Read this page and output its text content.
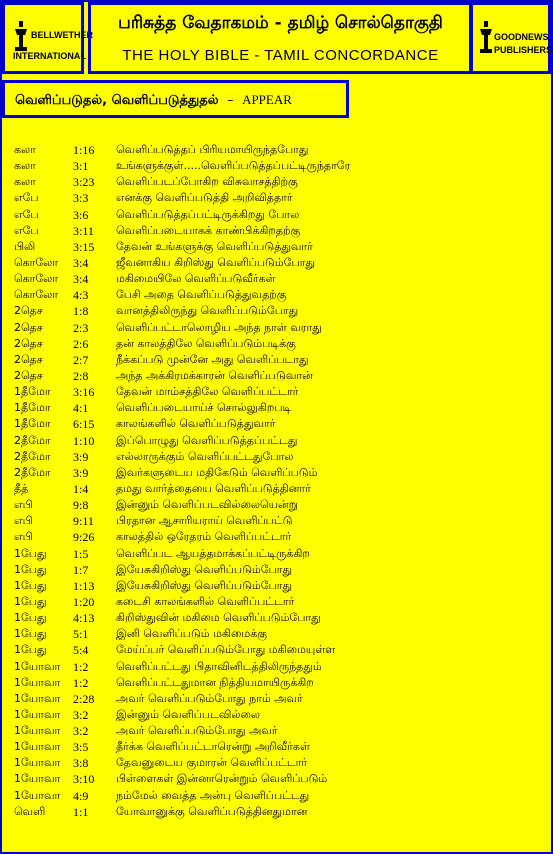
BELLWETHER
INTERNATIONAL
பரிசுத்த வேதாகமம் - தமிழ் சொல்தொகுதி
THE HOLY BIBLE - TAMIL CONCORDANCE
GOODNEWS
PUBLISHERS
வெளிப்படுதல், வெளிப்படுத்துதல் – APPEAR
கலா	1:16 வெளிப்படுத்தப் பிரியமாயிருந்தபோது
கலா	3:1	உங்களுக்குள்.....வெளிப்படுத்தப்பட்டிருந்தாரே
கலா	3:23 வெளிப்படப்போகிற விசுவாசத்திற்கு
எபே	3:3	எனக்கு வெளிப்படுத்தி அறிவித்தார்
எபே	3:6	வெளிப்படுத்தப்பட்டிருக்கிறது போல
எபே	3:11 வெளிப்படையாகக் காண்பிக்கிறதற்கு
பிலி	3:15 தேவன் உங்களுக்கு வெளிப்படுத்துவார்
கொலோ 3:4	ஜீவனாகிய கிறிஸ்து வெளிப்படும்போது
கொலோ 3:4	மகிமையிலே வெளிப்படுவீர்கள்
கொலோ 4:3	பேசி அதை வெளிப்படுத்துவதற்கு
2தெச	1:8	வானத்திலிருந்து வெளிப்படும்போது
2தெச	2:3	வெளிப்பட்டாலொழிய அந்த நாள் வராது
2தெச	2:6	தன் காலத்திலே வெளிப்படும்படிக்கு
2தெச	2:7	நீக்கப்படு முன்னே அது வெளிப்படாது
2தெச	2:8	அந்த அக்கிரமக்காரன் வெளிப்படுவான்
1தீமோ 3:16 தேவன் மாம்சத்திலே வெளிப்பட்டார்
1தீமோ 4:1	வெளிப்படையாய்ச் சொல்லுகிறபடி
1தீமோ 6:15 காலங்களில் வெளிப்படுத்துவார்
2தீமோ 1:10 இப்பொழுது வெளிப்படுத்தப்பட்டது
2தீமோ 3:9	எல்லாருக்கும் வெளிப்பட்டதுபோல
2தீமோ 3:9	இவர்களுடைய மதிகேடும் வெளிப்படும்
தீத்	1:4	தமது வார்த்தையை வெளிப்படுத்தினார்
எபி	9:8	இன்னும் வெளிப்படவில்லையென்று
எபி	9:11 பிரதான ஆசாரியராய் வெளிப்பட்டு
எபி	9:26 காலத்தில் ஒரேதரம் வெளிப்பட்டார்
1பேது 1:5	வெளிப்பட ஆயத்தமாக்கப்பட்டிருக்கிற
1பேது 1:7	இயேசுகிறிஸ்து வெளிப்படும்போது
1பேது 1:13 இயேசுகிறிஸ்து வெளிப்படும்போது
1பேது 1:20 கடைசி காலங்களில் வெளிப்பட்டார்
1பேது 4:13 கிறிஸ்துவின் மகிமை வெளிப்படும்போது
1பேது 5:1	இனி வெளிப்படும் மகிமைக்கு
1பேது 5:4	மேய்ப்பர் வெளிப்படும்போது மகிமையுள்ள
1யோவா 1:2	வெளிப்பட்டது பிதாவினிடத்திலிருந்ததும்
1யோவா 1:2	வெளிப்பட்டதுமான நித்தியமாயிருக்கிற
1யோவா 2:28 அவர் வெளிப்படும்போது நாம் அவர்
1யோவா 3:2	இன்னும் வெளிப்படவில்லை
1யோவா 3:2	அவர் வெளிப்படும்போது அவர்
1யோவா 3:5	தீர்க்க வெளிப்பட்டாரென்று அறிவீர்கள்
1யோவா 3:8	தேவனுடைய குமாரன் வெளிப்பட்டார்
1யோவா 3:10 பிள்ளைகள் இன்னாரென்றும் வெளிப்படும்
1யோவா 4:9	நம்மேல் வைத்த அன்பு வெளிப்பட்டது
வெளி 1:1	யோவானுக்கு வெளிப்படுத்தினதுமான
